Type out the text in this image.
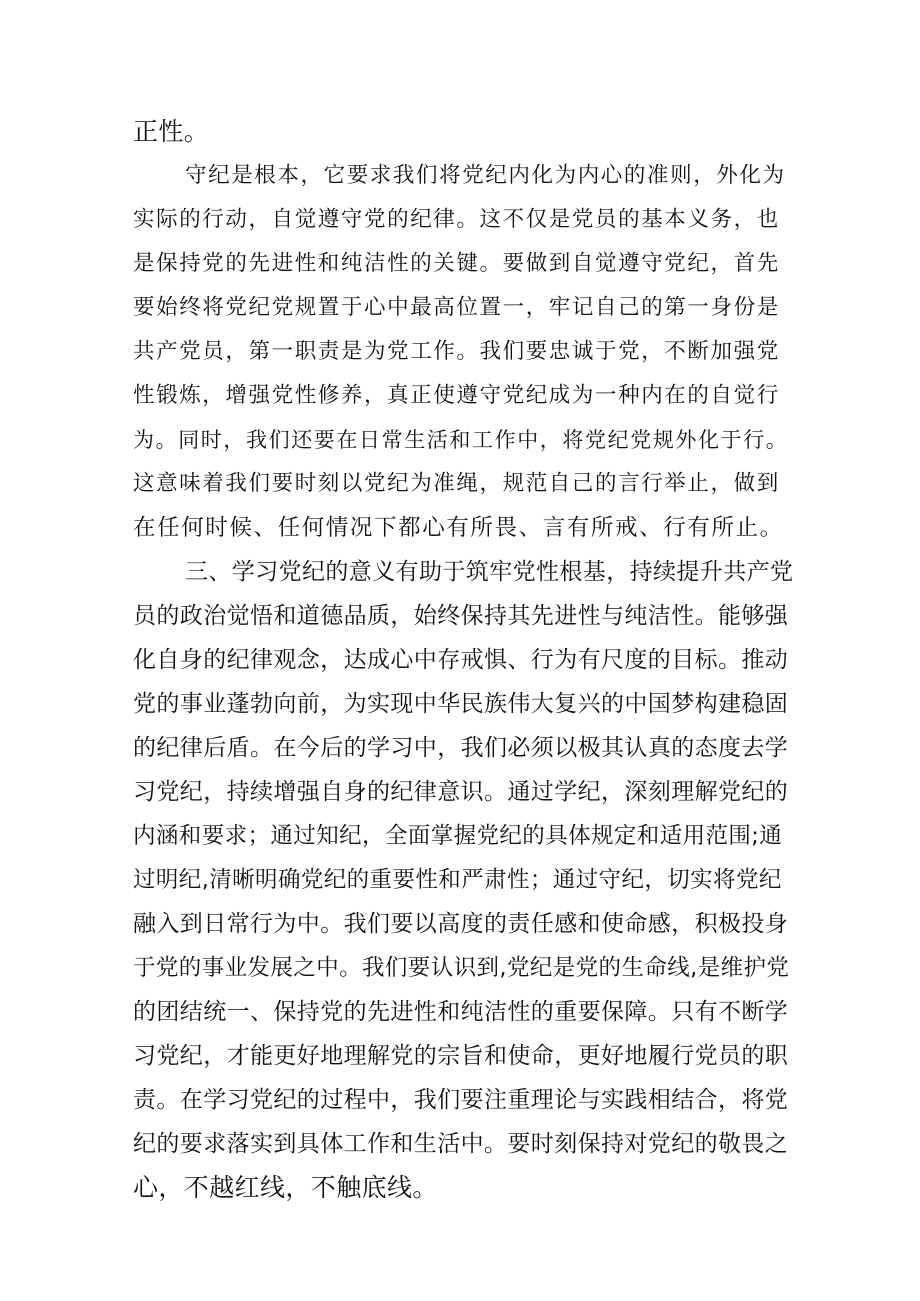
正性。
守纪是根本，它要求我们将党纪内化为内心的准则，外化为
实际的行动，自觉遵守党的纪律。这不仅是党员的基本义务，也
是保持党的先进性和纯洁性的关键。要做到自觉遵守党纪，首先
要始终将党纪党规置于心中最高位置一，牢记自己的第一身份是
共产党员，第一职责是为党工作。我们要忠诚于党，不断加强党
性锻炼，增强党性修养，真正使遵守党纪成为一种内在的自觉行
为。同时，我们还要在日常生活和工作中，将党纪党规外化于行。
这意味着我们要时刻以党纪为准绳，规范自己的言行举止，做到
在任何时候、任何情况下都心有所畏、言有所戒、行有所止。
三、学习党纪的意义有助于筑牢党性根基，持续提升共产党
员的政治觉悟和道德品质，始终保持其先进性与纯洁性。能够强
化自身的纪律观念，达成心中存戒惧、行为有尺度的目标。推动
党的事业蓬勃向前，为实现中华民族伟大复兴的中国梦构建稳固
的纪律后盾。在今后的学习中，我们必须以极其认真的态度去学
习党纪，持续增强自身的纪律意识。通过学纪，深刻理解党纪的
内涵和要求；通过知纪，全面掌握党纪的具体规定和适用范围;通
过明纪,清晰明确党纪的重要性和严肃性；通过守纪，切实将党纪
融入到日常行为中。我们要以高度的责任感和使命感，积极投身
于党的事业发展之中。我们要认识到,党纪是党的生命线,是维护党
的团结统一、保持党的先进性和纯洁性的重要保障。只有不断学
习党纪，才能更好地理解党的宗旨和使命，更好地履行党员的职
责。在学习党纪的过程中，我们要注重理论与实践相结合，将党
纪的要求落实到具体工作和生活中。要时刻保持对党纪的敬畏之
心，不越红线，不触底线。
